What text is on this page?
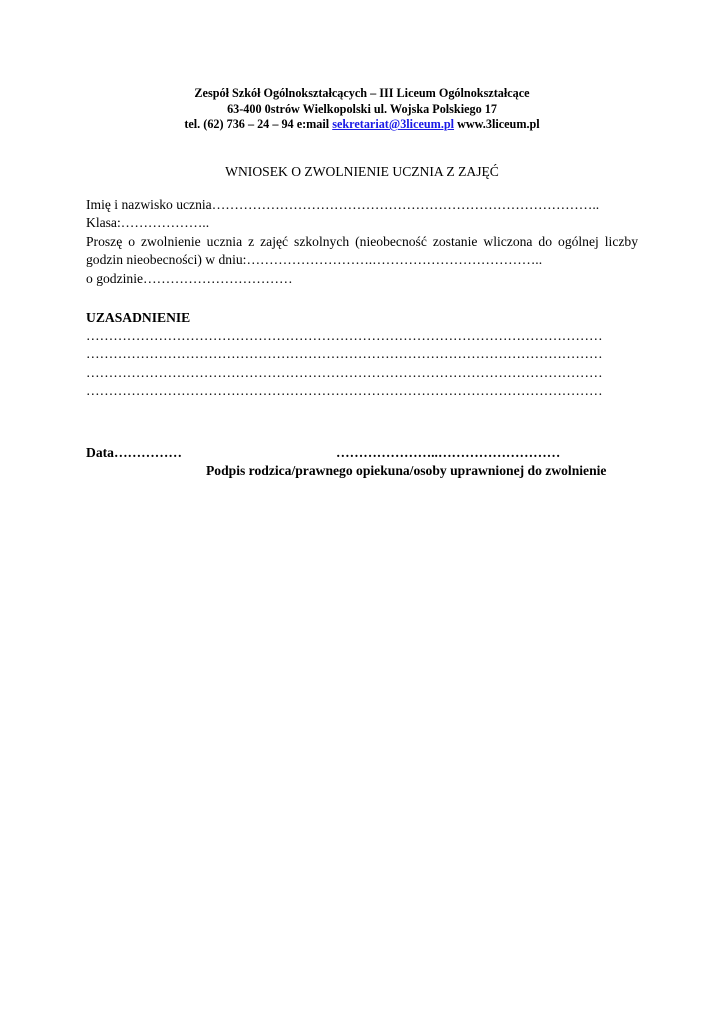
Zespół Szkół Ogólnokształcących – III Liceum Ogólnokształcące
63-400 0strów Wielkopolski ul. Wojska Polskiego 17
tel. (62) 736 – 24 – 94 e:mail sekretariat@3liceum.pl www.3liceum.pl
WNIOSEK O ZWOLNIENIE UCZNIA Z ZAJĘĆ
Imię i nazwisko ucznia…………………………………………………………………………..
Klasa:………………..
Proszę o zwolnienie ucznia z zajęć szkolnych (nieobecność zostanie wliczona do ogólnej liczby godzin nieobecności) w dniu:……………………….………………………………..
o godzinie……………………………
UZASADNIENIE
……………………………………………………………………………………………………
……………………………………………………………………………………………………
……………………………………………………………………………………………………
……………………………………………………………………………………………………
Data……………	…………………..………………………
Podpis rodzica/prawnego opiekuna/osoby uprawnionej do zwolnienie
